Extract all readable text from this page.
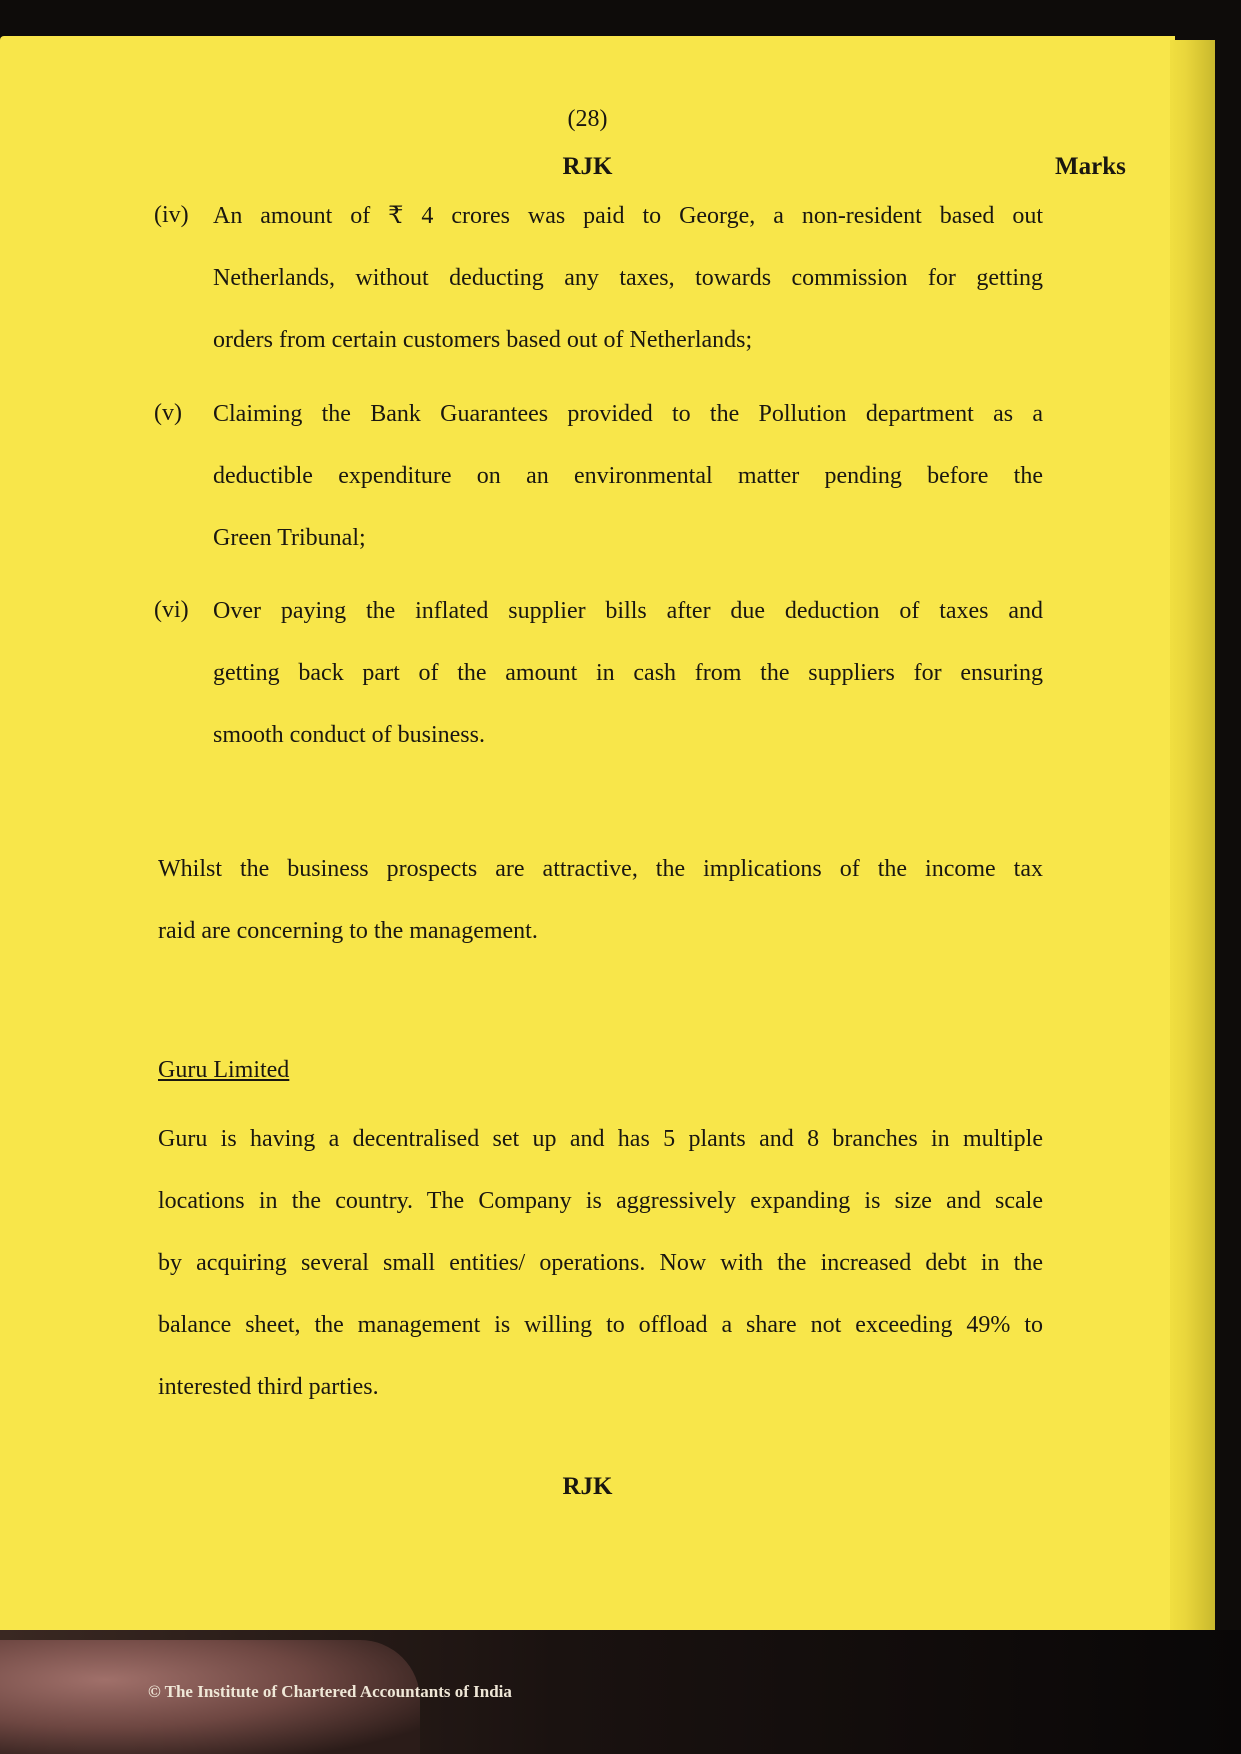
(28)
RJK	Marks
(iv) An amount of ₹ 4 crores was paid to George, a non-resident based out
Netherlands, without deducting any taxes, towards commission for getting
orders from certain customers based out of Netherlands;
(v) Claiming the Bank Guarantees provided to the Pollution department as a
deductible expenditure on an environmental matter pending before the
Green Tribunal;
(vi) Over paying the inflated supplier bills after due deduction of taxes and
getting back part of the amount in cash from the suppliers for ensuring
smooth conduct of business.
Whilst the business prospects are attractive, the implications of the income tax
raid are concerning to the management.
Guru Limited
Guru is having a decentralised set up and has 5 plants and 8 branches in multiple
locations in the country. The Company is aggressively expanding is size and scale
by acquiring several small entities/ operations. Now with the increased debt in the
balance sheet, the management is willing to offload a share not exceeding 49% to
interested third parties.
RJK
© The Institute of Chartered Accountants of India
